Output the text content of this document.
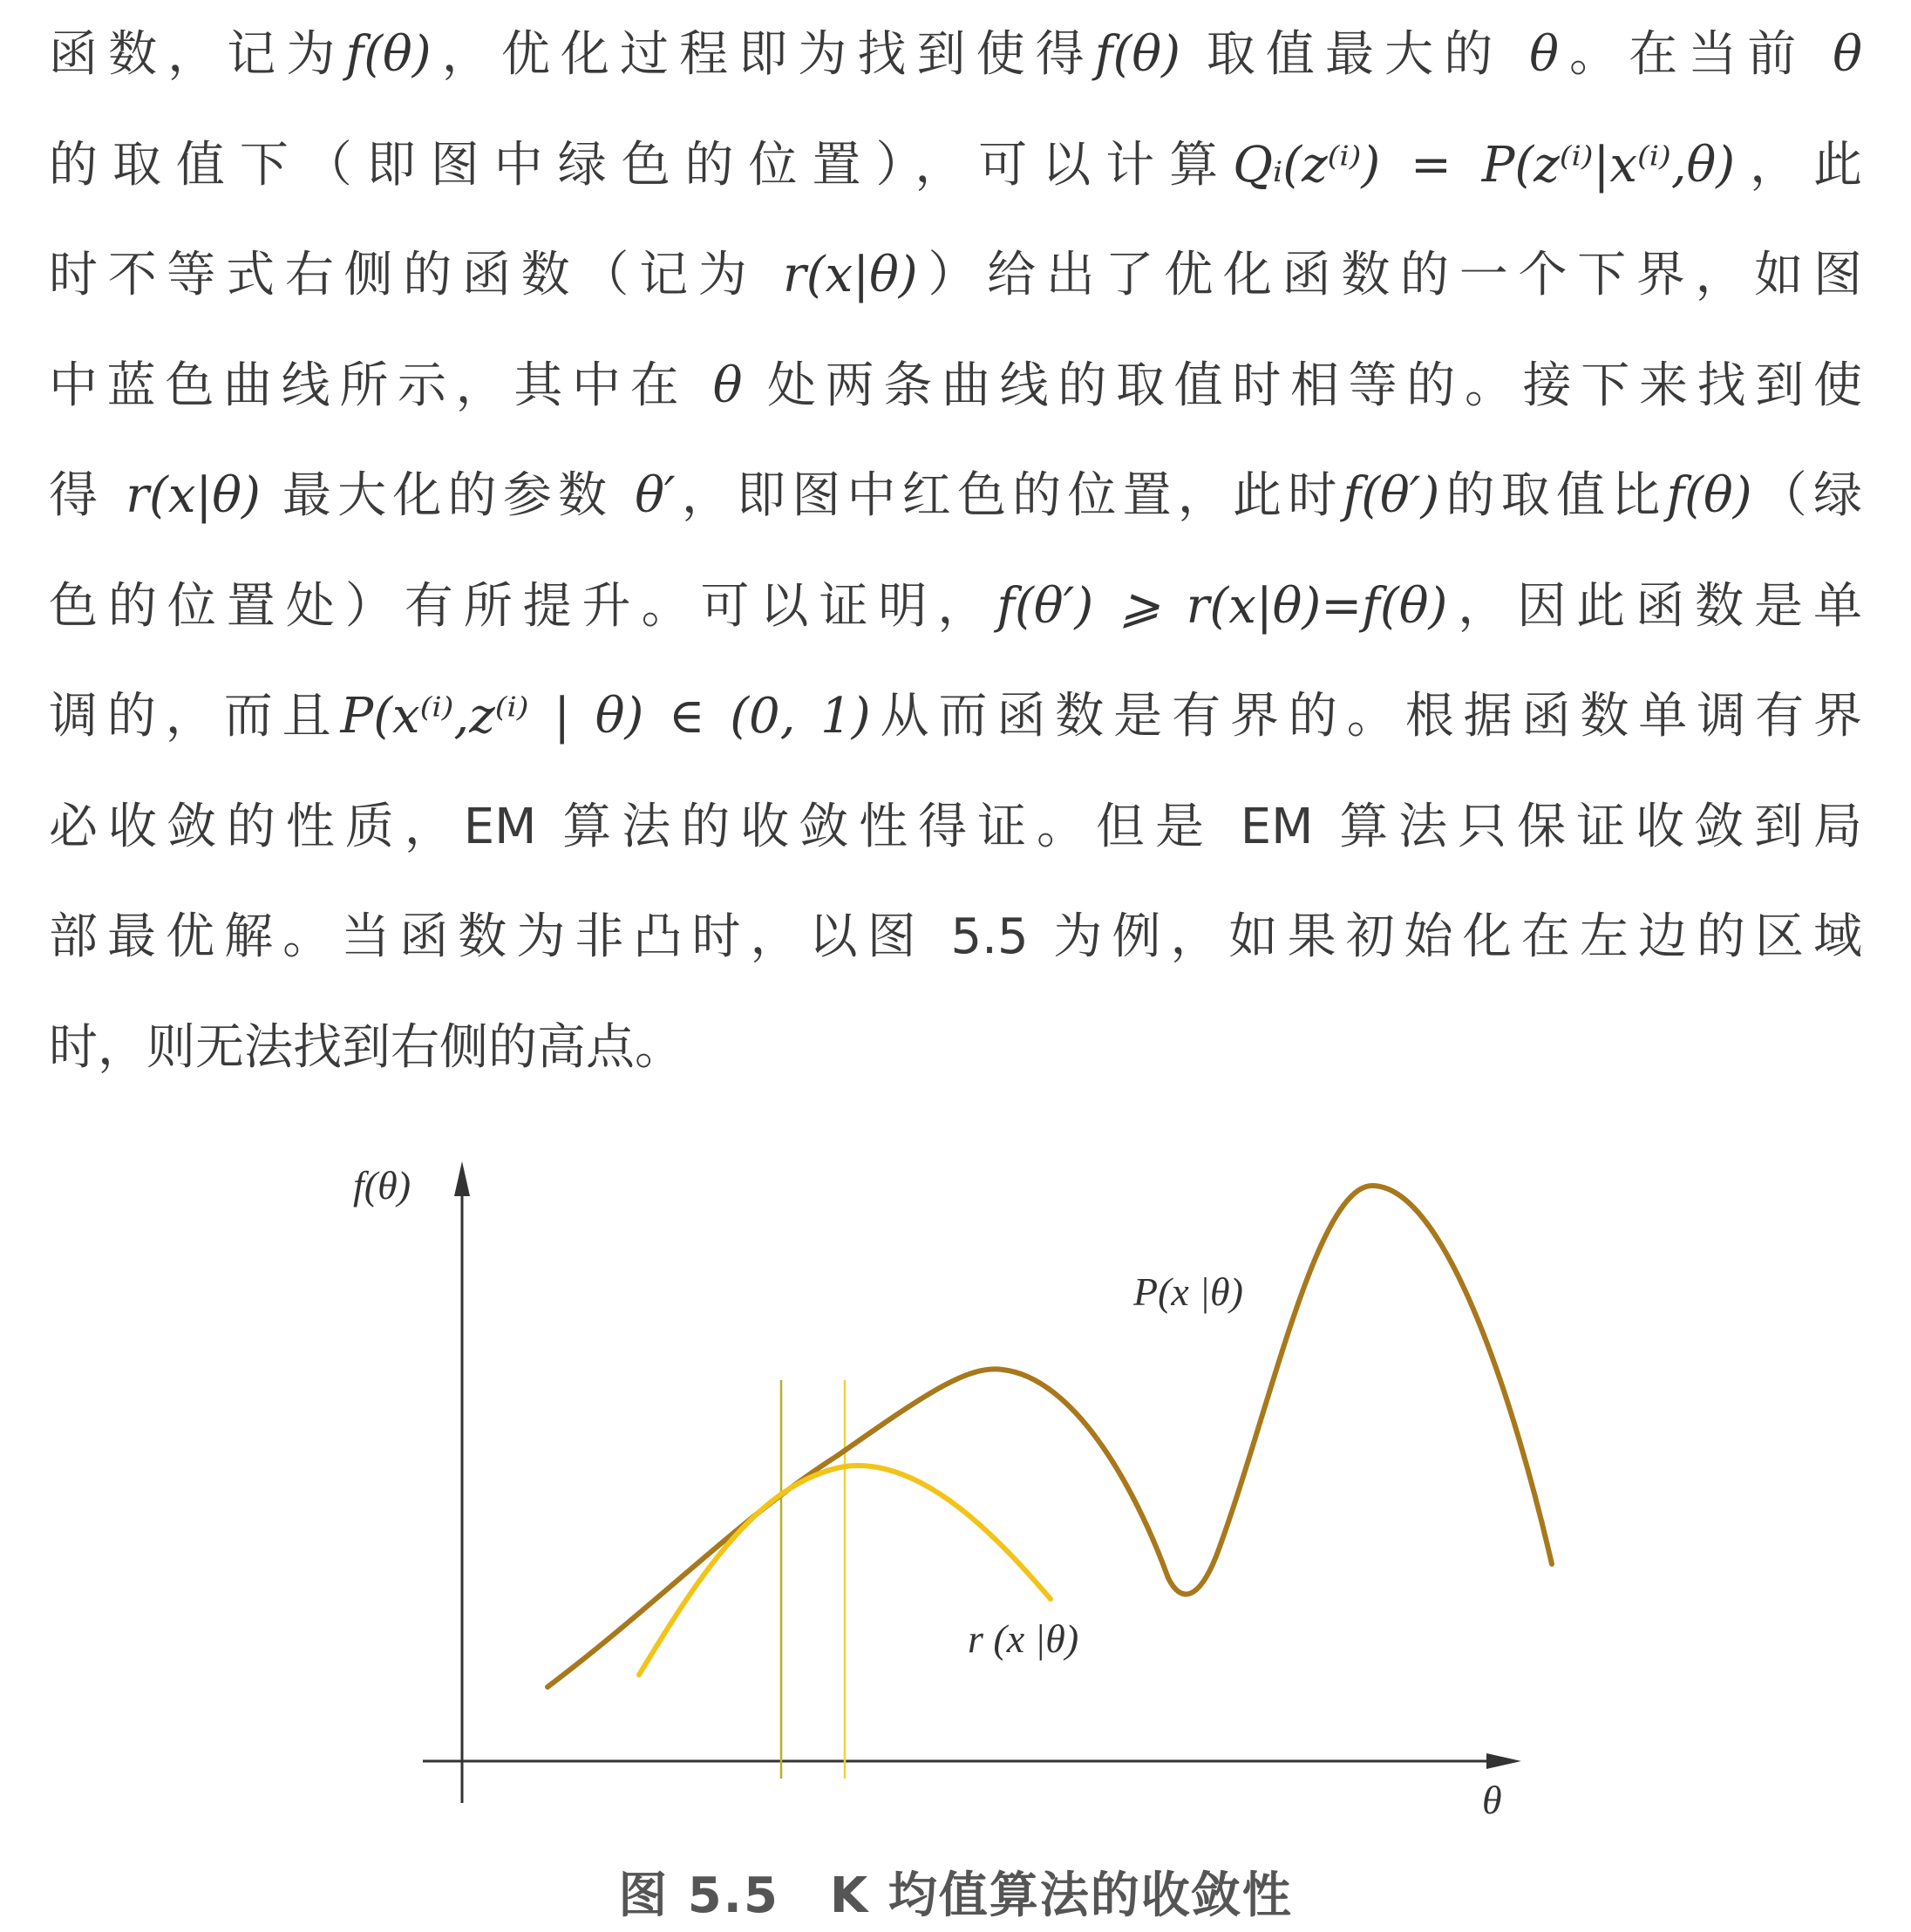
函数，记为f(θ)，优化过程即为找到使得f(θ) 取值最大的 θ。在当前 θ
的取值下（即图中绿色的位置），可以计算Qᵢ(z⁽ⁱ⁾) = P(z⁽ⁱ⁾|x⁽ⁱ⁾,θ)，此
时不等式右侧的函数（记为 r(x|θ)）给出了优化函数的一个下界，如图
中蓝色曲线所示，其中在 θ 处两条曲线的取值时相等的。接下来找到使
得 r(x|θ) 最大化的参数 θ′，即图中红色的位置，此时f(θ′)的取值比f(θ)（绿
色的位置处）有所提升。可以证明，f(θ′) ⩾ r(x|θ)=f(θ)，因此函数是单
调的，而且P(x⁽ⁱ⁾,z⁽ⁱ⁾ | θ) ∈ (0, 1)从而函数是有界的。根据函数单调有界
必收敛的性质，EM 算法的收敛性得证。但是 EM 算法只保证收敛到局
部最优解。当函数为非凸时，以图 5.5 为例，如果初始化在左边的区域
时，则无法找到右侧的高点。
f(θ)
θ
P(x |θ)
r (x |θ)
图 5.5　K 均值算法的收敛性
